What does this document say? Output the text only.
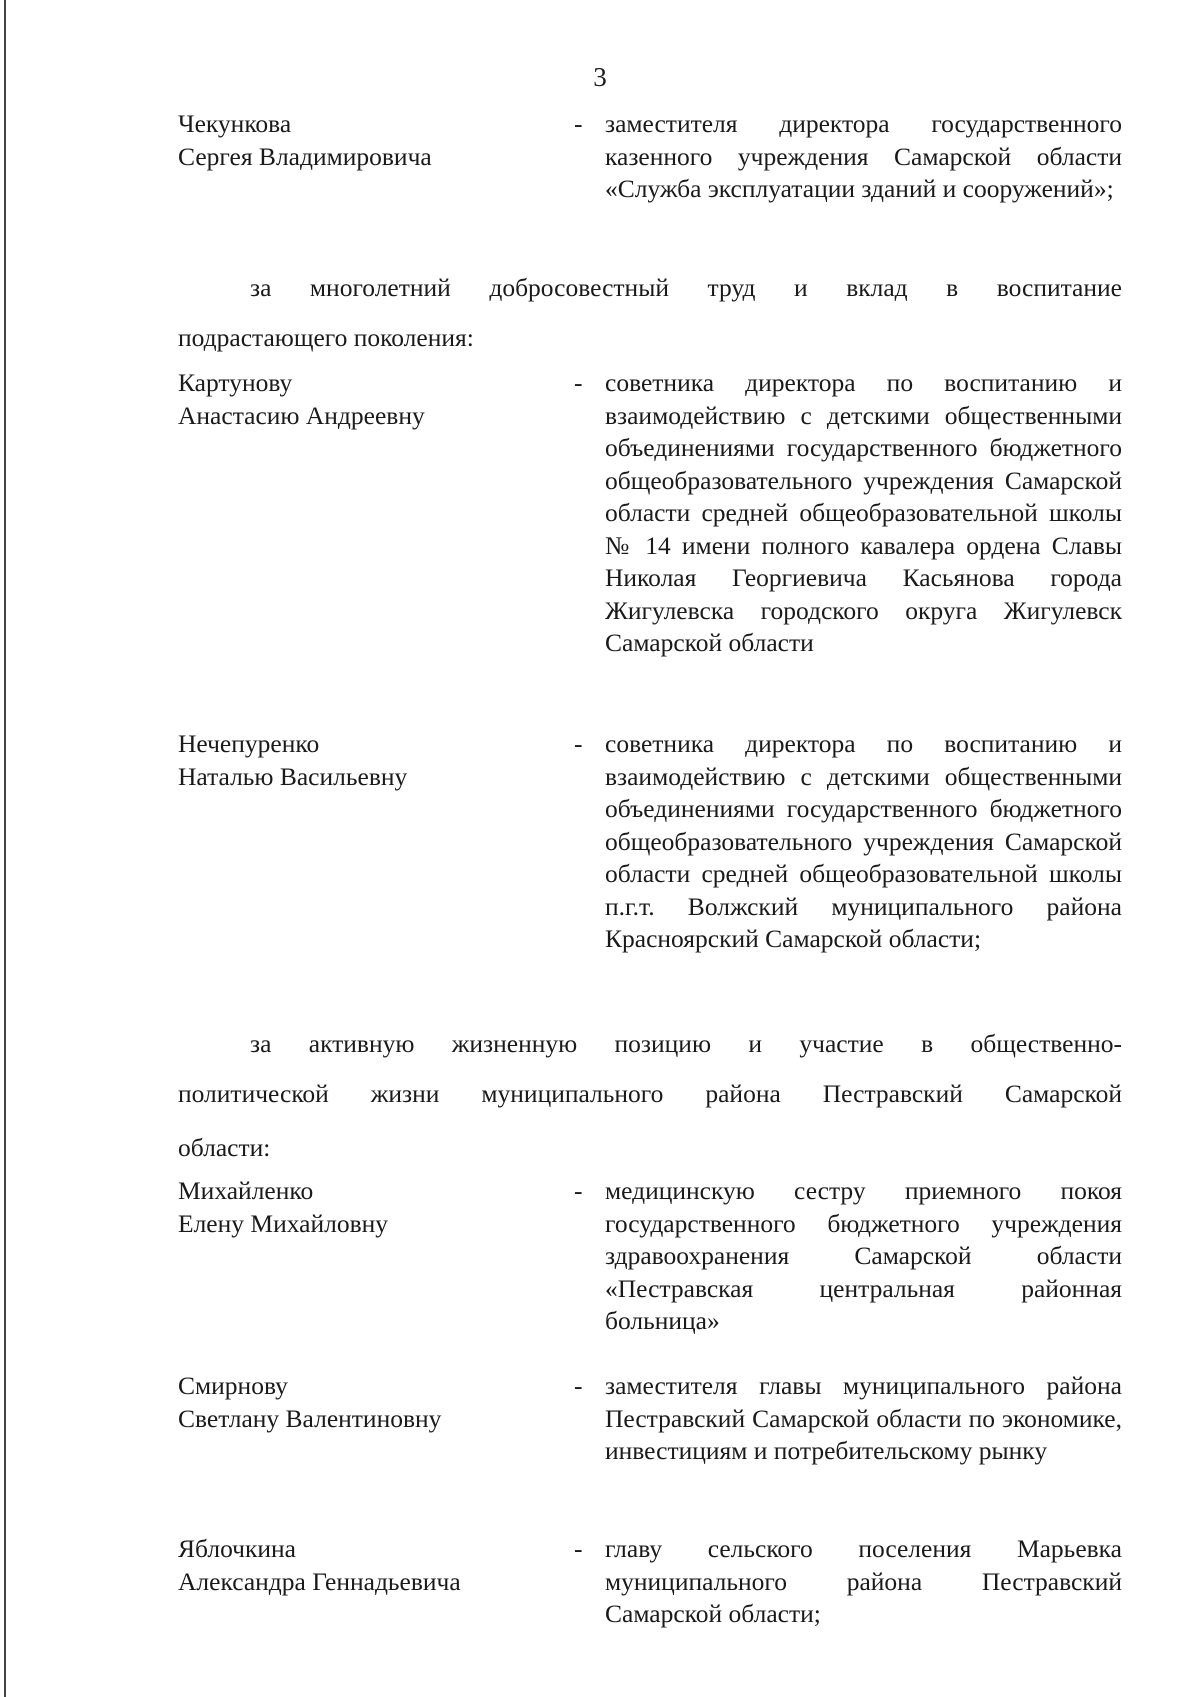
3
Чекункова
Сергея Владимировича
- заместителя директора государственного казенного учреждения Самарской области «Служба эксплуатации зданий и сооружений»;
за многолетний добросовестный труд и вклад в воспитание
подрастающего поколения:
Картунову
Анастасию Андреевну
- советника директора по воспитанию и взаимодействию с детскими общественными объединениями государственного бюджетного общеобразовательного учреждения Самарской области средней общеобразовательной школы № 14 имени полного кавалера ордена Славы Николая Георгиевича Касьянова города Жигулевска городского округа Жигулевск Самарской области
Нечепуренко
Наталью Васильевну
- советника директора по воспитанию и взаимодействию с детскими общественными объединениями государственного бюджетного общеобразовательного учреждения Самарской области средней общеобразовательной школы п.г.т. Волжский муниципального района Красноярский Самарской области;
за активную жизненную позицию и участие в общественно-
политической жизни муниципального района Пестравский Самарской
области:
Михайленко
Елену Михайловну
- медицинскую сестру приемного покоя государственного бюджетного учреждения здравоохранения Самарской области «Пестравская центральная районная больница»
Смирнову
Светлану Валентиновну
- заместителя главы муниципального района Пестравский Самарской области по экономике, инвестициям и потребительскому рынку
Яблочкина
Александра Геннадьевича
- главу сельского поселения Марьевка муниципального района Пестравский Самарской области;
